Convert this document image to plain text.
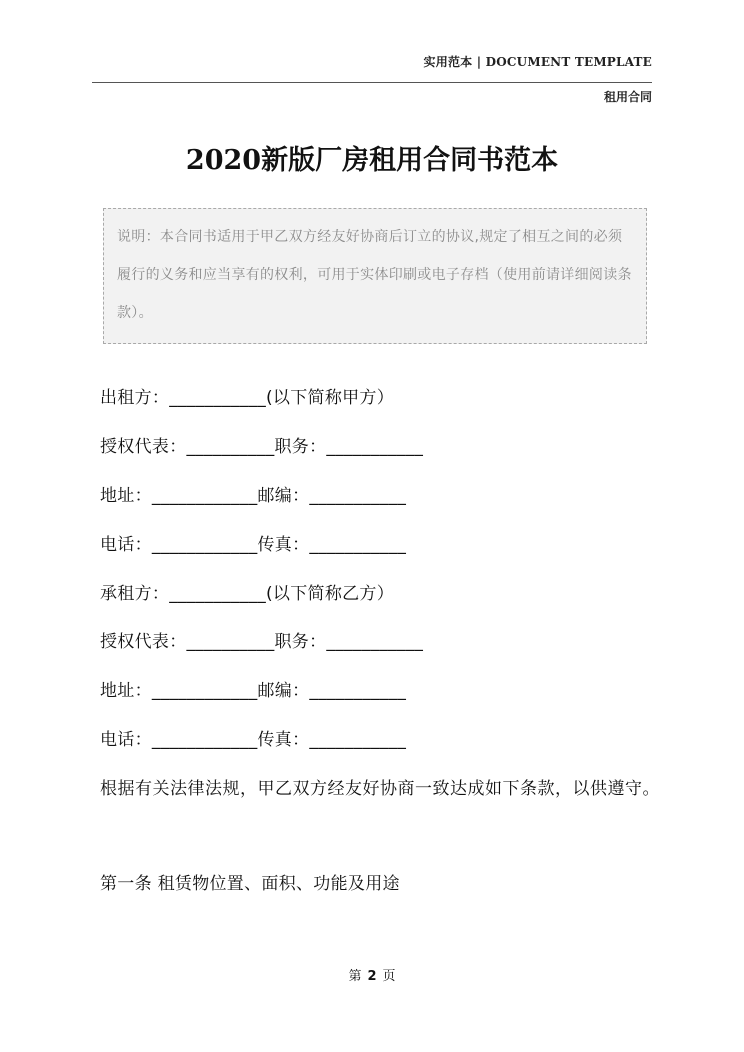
实用范本 | DOCUMENT TEMPLATE
租用合同
2020新版厂房租用合同书范本
说明：本合同书适用于甲乙双方经友好协商后订立的协议,规定了相互之间的必须履行的义务和应当享有的权利，可用于实体印刷或电子存档（使用前请详细阅读条款）。
出租方：___________(以下简称甲方）
授权代表：__________职务：___________
地址：____________邮编：___________
电话：____________传真：___________
承租方：___________(以下简称乙方）
授权代表：__________职务：___________
地址：____________邮编：___________
电话：____________传真：___________
根据有关法律法规，甲乙双方经友好协商一致达成如下条款，以供遵守。
第一条 租赁物位置、面积、功能及用途
第 2 页
